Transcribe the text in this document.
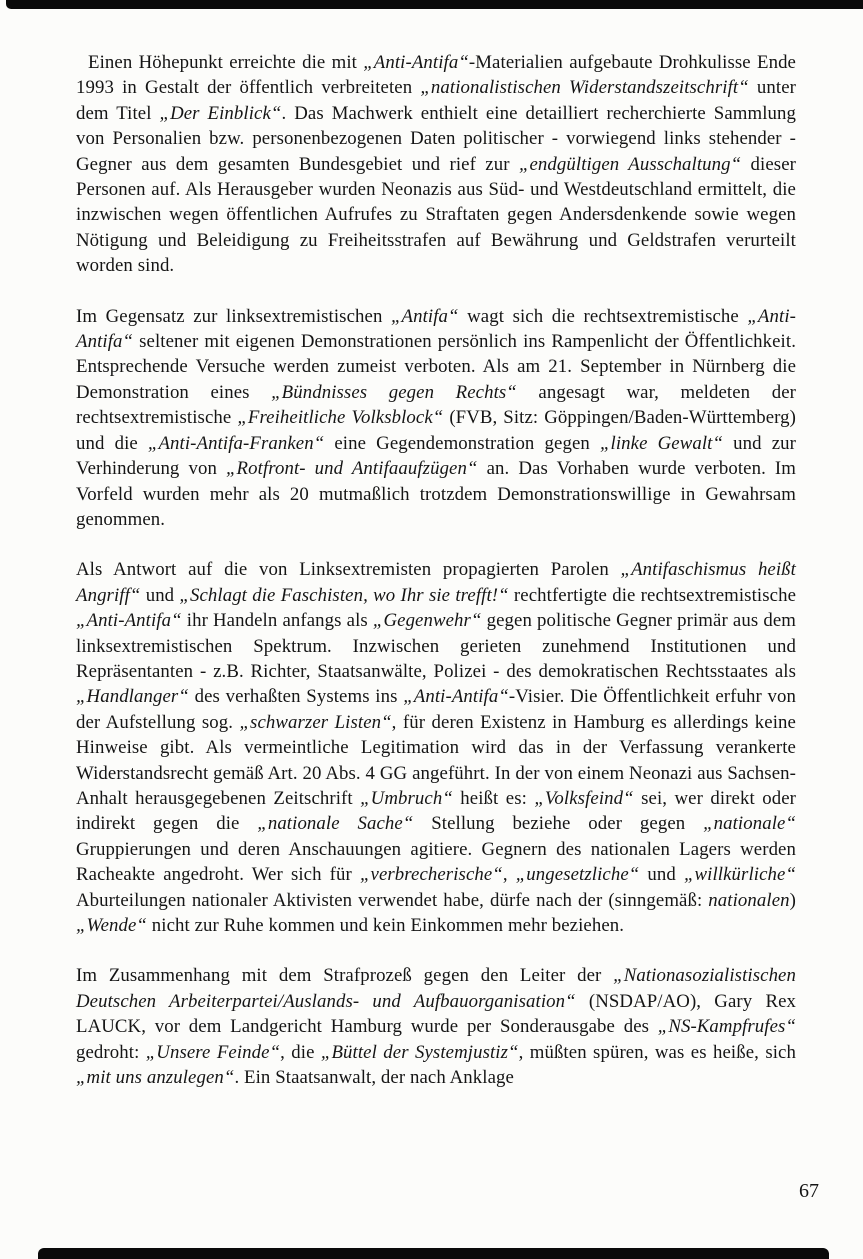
Einen Höhepunkt erreichte die mit „Anti-Antifa“-Materialien aufgebaute Drohkulisse Ende 1993 in Gestalt der öffentlich verbreiteten „nationalistischen Widerstandszeitschrift“ unter dem Titel „Der Einblick“. Das Machwerk enthielt eine detailliert recherchierte Sammlung von Personalien bzw. personenbezogenen Daten politischer - vorwiegend links stehender - Gegner aus dem gesamten Bundesgebiet und rief zur „endgültigen Ausschaltung“ dieser Personen auf. Als Herausgeber wurden Neonazis aus Süd- und Westdeutschland ermittelt, die inzwischen wegen öffentlichen Aufrufes zu Straftaten gegen Andersdenkende sowie wegen Nötigung und Beleidigung zu Freiheitsstrafen auf Bewährung und Geldstrafen verurteilt worden sind.

Im Gegensatz zur linksextremistischen „Antifa“ wagt sich die rechtsextremistische „Anti-Antifa“ seltener mit eigenen Demonstrationen persönlich ins Rampenlicht der Öffentlichkeit. Entsprechende Versuche werden zumeist verboten. Als am 21. September in Nürnberg die Demonstration eines „Bündnisses gegen Rechts“ angesagt war, meldeten der rechtsextremistische „Freiheitliche Volksblock“ (FVB, Sitz: Göppingen/Baden-Württemberg) und die „Anti-Antifa-Franken“ eine Gegendemonstration gegen „linke Gewalt“ und zur Verhinderung von „Rotfront- und Antifaaufzügen“ an. Das Vorhaben wurde verboten. Im Vorfeld wurden mehr als 20 mutmaßlich trotzdem Demonstrationswillige in Gewahrsam genommen.

Als Antwort auf die von Linksextremisten propagierten Parolen „Antifaschismus heißt Angriff“ und „Schlagt die Faschisten, wo Ihr sie trefft!“ rechtfertigte die rechtsextremistische „Anti-Antifa“ ihr Handeln anfangs als „Gegenwehr“ gegen politische Gegner primär aus dem linksextremistischen Spektrum. Inzwischen gerieten zunehmend Institutionen und Repräsentanten - z.B. Richter, Staatsanwälte, Polizei - des demokratischen Rechtsstaates als „Handlanger“ des verhaßten Systems ins „Anti-Antifa“-Visier. Die Öffentlichkeit erfuhr von der Aufstellung sog. „schwarzer Listen“, für deren Existenz in Hamburg es allerdings keine Hinweise gibt. Als vermeintliche Legitimation wird das in der Verfassung verankerte Widerstandsrecht gemäß Art. 20 Abs. 4 GG angeführt. In der von einem Neonazi aus Sachsen-Anhalt herausgegebenen Zeitschrift „Umbruch“ heißt es: „Volksfeind“ sei, wer direkt oder indirekt gegen die „nationale Sache“ Stellung beziehe oder gegen „nationale“ Gruppierungen und deren Anschauungen agitiere. Gegnern des nationalen Lagers werden Racheakte angedroht. Wer sich für „verbrecherische“, „ungesetzliche“ und „willkürliche“ Aburteilungen nationaler Aktivisten verwendet habe, dürfe nach der (sinngemäß: nationalen) „Wende“ nicht zur Ruhe kommen und kein Einkommen mehr beziehen.

Im Zusammenhang mit dem Strafprozeß gegen den Leiter der „Nationasozialistischen Deutschen Arbeiterpartei/Auslands- und Aufbauorganisation“ (NSDAP/AO), Gary Rex LAUCK, vor dem Landgericht Hamburg wurde per Sonderausgabe des „NS-Kampfrufes“ gedroht: „Unsere Feinde“, die „Büttel der Systemjustiz“, müßten spüren, was es heiße, sich „mit uns anzulegen“. Ein Staatsanwalt, der nach Anklage

67
